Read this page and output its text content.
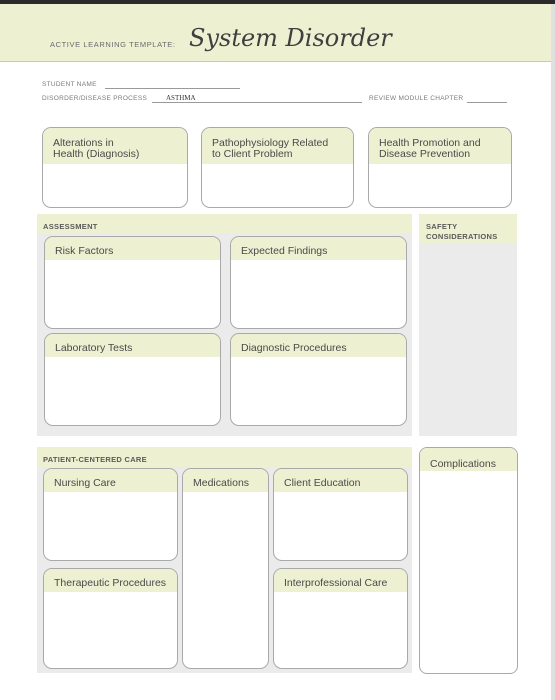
ACTIVE LEARNING TEMPLATE: System Disorder
STUDENT NAME
DISORDER/DISEASE PROCESS	ASTHMA	REVIEW MODULE CHAPTER
Alterations in
Health (Diagnosis)
Pathophysiology Related
to Client Problem
Health Promotion and
Disease Prevention
ASSESSMENT
Risk Factors	Expected Findings
Laboratory Tests	Diagnostic Procedures
SAFETY
CONSIDERATIONS
PATIENT-CENTERED CARE
Nursing Care	Medications	Client Education
Therapeutic Procedures	Interprofessional Care
Complications
